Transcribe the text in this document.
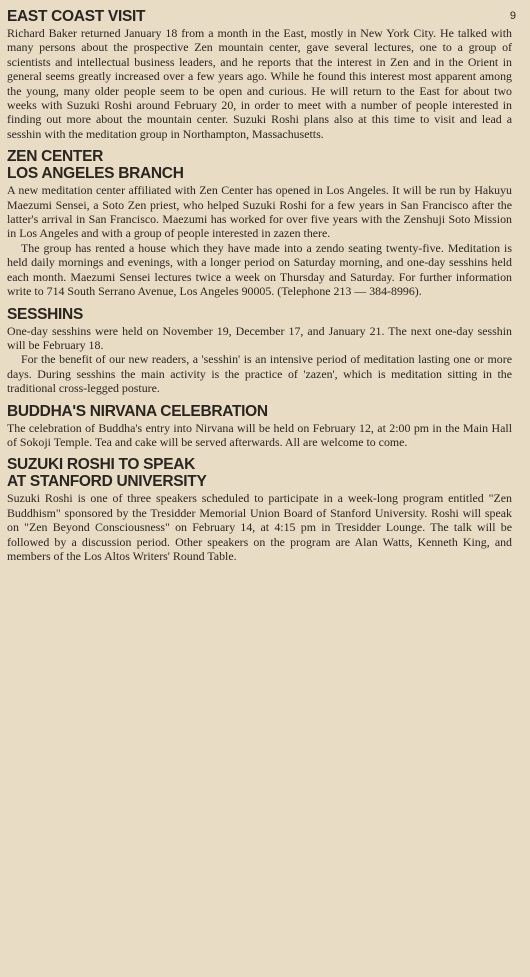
9
EAST COAST VISIT

Richard Baker returned January 18 from a month in the East, mostly in New York City. He talked with many persons about the prospective Zen mountain center, gave several lectures, one to a group of scientists and intellectual business leaders, and he reports that the interest in Zen and in the Orient in general seems greatly increased over a few years ago. While he found this interest most apparent among the young, many older people seem to be open and curious. He will return to the East for about two weeks with Suzuki Roshi around February 20, in order to meet with a number of people interested in finding out more about the mountain center. Suzuki Roshi plans also at this time to visit and lead a sesshin with the meditation group in Northampton, Massachusetts.

ZEN CENTER
LOS ANGELES BRANCH

A new meditation center affiliated with Zen Center has opened in Los Angeles. It will be run by Hakuyu Maezumi Sensei, a Soto Zen priest, who helped Suzuki Roshi for a few years in San Francisco after the latter's arrival in San Francisco. Maezumi has worked for over five years with the Zenshuji Soto Mission in Los Angeles and with a group of people interested in zazen there.

The group has rented a house which they have made into a zendo seating twenty-five. Meditation is held daily mornings and evenings, with a longer period on Saturday morning, and one-day sesshins held each month. Maezumi Sensei lectures twice a week on Thursday and Saturday. For further information write to 714 South Serrano Avenue, Los Angeles 90005. (Telephone 213 — 384-8996).

SESSHINS

One-day sesshins were held on November 19, December 17, and January 21. The next one-day sesshin will be February 18.

For the benefit of our new readers, a 'sesshin' is an intensive period of meditation lasting one or more days. During sesshins the main activity is the practice of 'zazen', which is meditation sitting in the traditional cross-legged posture.

BUDDHA'S NIRVANA CELEBRATION

The celebration of Buddha's entry into Nirvana will be held on February 12, at 2:00 pm in the Main Hall of Sokoji Temple. Tea and cake will be served afterwards. All are welcome to come.

SUZUKI ROSHI TO SPEAK
AT STANFORD UNIVERSITY

Suzuki Roshi is one of three speakers scheduled to participate in a week-long program entitled "Zen Buddhism" sponsored by the Tresidder Memorial Union Board of Stanford University. Roshi will speak on "Zen Beyond Consciousness" on February 14, at 4:15 pm in Tresidder Lounge. The talk will be followed by a discussion period. Other speakers on the program are Alan Watts, Kenneth King, and members of the Los Altos Writers' Round Table.
